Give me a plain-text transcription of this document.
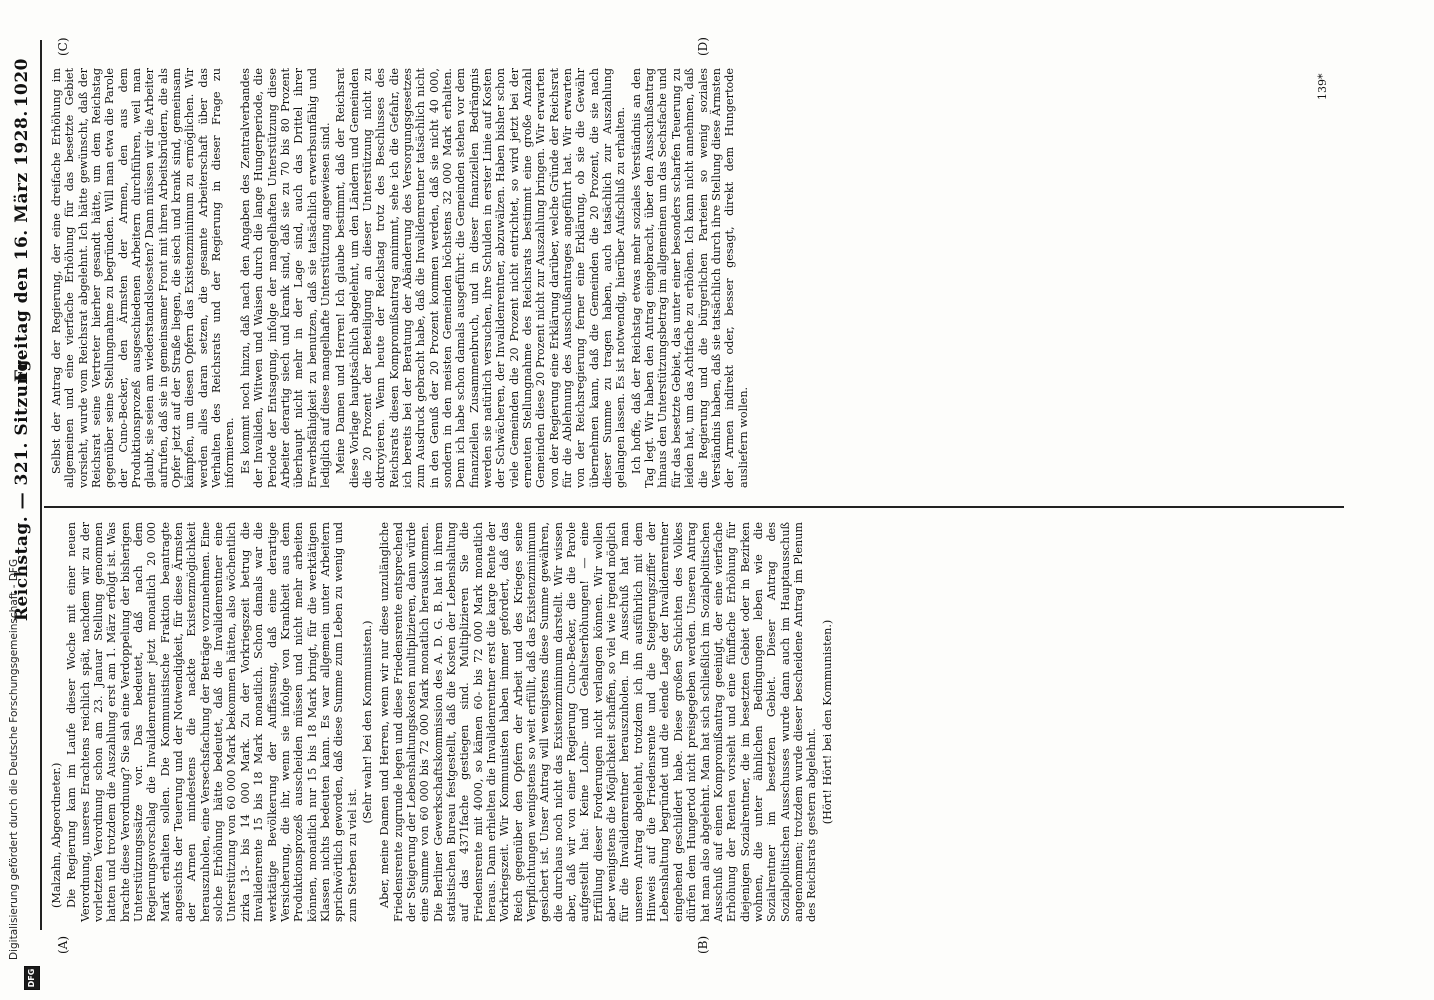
Reichstag. — 321. Sitzung.
Freitag den 16. März 1928.
1020
(A)	(B)
(C)	(D)

(Malzahn, Abgeordneter.) Die Regierung kam im Laufe dieser Woche mit einer neuen Verordnung, unseres Erachtens reichlich spät, nachdem wir zu der vorletzten Verordnung schon am 23. Januar Stellung genommen hatten und trotzdem die Auszahlung erst am 1. März erfolgt ist. Was brachte diese Verordnung? Sie sah eine Verdoppelung der bisherigen Unterstützungssätze vor. Das bedeutet, daß nach dem Regierungsvorschlag die Invalidenrentner jetzt monatlich 20 000 Mark erhalten sollen. Die Kommunistische Fraktion beantragte angesichts der Teuerung und der Notwendigkeit, für diese Ärmsten der Armen mindestens die nackte Existenzmöglichkeit herauszuholen, eine Versechsfachung der Beträge vorzunehmen. Eine solche Erhöhung hätte bedeutet, daß die Invalidenrentner eine Unterstützung von 60 000 Mark bekommen hätten, also wöchentlich zirka 13- bis 14 000 Mark. Zu der Vorkriegszeit betrug die Invalidenrente 15 bis 18 Mark monatlich. Schon damals war die werktätige Bevölkerung der Auffassung, daß eine derartige Versicherung, die ihr, wenn sie infolge von Krankheit aus dem Produktionsprozeß ausscheiden müssen und nicht mehr arbeiten können, monatlich nur 15 bis 18 Mark bringt, für die werktätigen Klassen nichts bedeuten kann. Es war allgemein unter Arbeitern sprichwörtlich geworden, daß diese Summe zum Leben zu wenig und zum Sterben zu viel ist.

(Sehr wahr! bei den Kommunisten.) Aber, meine Damen und Herren, wenn wir nur diese unzulängliche Friedensrente zugrunde legen und diese Friedensrente entsprechend der Steigerung der Lebenshaltungskosten multiplizieren, dann würde eine Summe von 60 000 bis 72 000 Mark monatlich herauskommen. Die Berliner Gewerkschaftskommission des A. D. G. B. hat in ihrem statistischen Bureau festgestellt, daß die Kosten der Lebenshaltung auf das 4371fache gestiegen sind. Multiplizieren Sie die Friedensrente mit 4000, so kämen 60- bis 72 000 Mark monatlich heraus. Dann erhielten die Invalidenrentner erst die karge Rente der Vorkriegszeit. Wir Kommunisten haben immer gefordert, daß das Reich gegenüber den Opfern der Arbeit und des Krieges seine Verpflichtungen wenigstens so weit erfüllt, daß das Existenzminimum gesichert ist. Unser Antrag will wenigstens diese Summe gewähren, die durchaus noch nicht das Existenzminimum darstellt. Wir wissen aber, daß wir von einer Regierung Cuno-Becker, die die Parole aufgestellt hat: Keine Lohn- und Gehaltserhöhungen! — eine Erfüllung dieser Forderungen nicht verlangen können. Wir wollen aber wenigstens die Möglichkeit schaffen, so viel wie irgend möglich für die Invalidenrentner herauszuholen. Im Ausschuß hat man unseren Antrag abgelehnt, trotzdem ich ihn ausführlich mit dem Hinweis auf die Friedensrente und die Steigerungsziffer der Lebenshaltung begründet und die elende Lage der Invalidenrentner eingehend geschildert habe. Diese großen Schichten des Volkes dürfen dem Hungertod nicht preisgegeben werden. Unseren Antrag hat man also abgelehnt. Man hat sich schließlich im Sozialpolitischen Ausschuß auf einen Kompromißantrag geeinigt, der eine vierfache Erhöhung der Renten vorsieht und eine fünffache Erhöhung für diejenigen Sozialrentner, die im besetzten Gebiet oder in Bezirken wohnen, die unter ähnlichen Bedingungen leben wie die Sozialrentner im besetzten Gebiet. Dieser Antrag des Sozialpolitischen Ausschusses wurde dann auch im Hauptausschuß angenommen; trotzdem wurde dieser bescheidene Antrag im Plenum des Reichsrats gestern abgelehnt.

(Hört! Hört! bei den Kommunisten.)

Selbst der Antrag der Regierung, der eine dreifache Erhöhung im allgemeinen und eine vierfache Erhöhung für das besetzte Gebiet vorsieht, wurde vom Reichsrat abgelehnt. Ich hätte gewünscht, daß der Reichsrat seine Vertreter hierher gesandt hätte, um dem Reichstag gegenüber seine Stellungnahme zu begründen. Will man etwa die Parole der Cuno-Becker, den Ärmsten der Armen, den aus dem Produktionsprozeß ausgeschiedenen Arbeitern durchführen, weil man glaubt, sie seien am wiederstandslosesten? Dann müssen wir die Arbeiter aufrufen, daß sie in gemeinsamer Front mit ihren Arbeitsbrüdern, die als Opfer jetzt auf der Straße liegen, die siech und krank sind, gemeinsam kämpfen, um diesen Opfern das Existenzminimum zu ermöglichen. Wir werden alles daran setzen, die gesamte Arbeiterschaft über das Verhalten des Reichsrats und der Regierung in dieser Frage zu informieren. Es kommt noch hinzu, daß nach den Angaben des Zentralverbandes der Invaliden, Witwen und Waisen durch die lange Hungerperiode, die Periode der Entsagung, infolge der mangelhaften Unterstützung diese Arbeiter derartig siech und krank sind, daß sie zu 70 bis 80 Prozent überhaupt nicht mehr in der Lage sind, auch das Drittel ihrer Erwerbsfähigkeit zu benutzen, daß sie tatsächlich erwerbsunfähig und lediglich auf diese mangelhafte Unterstützung angewiesen sind. Meine Damen und Herren! Ich glaube bestimmt, daß der Reichsrat diese Vorlage hauptsächlich abgelehnt, um den Ländern und Gemeinden die 20 Prozent der Beteiligung an dieser Unterstützung nicht zu oktroyieren. Wenn heute der Reichstag trotz des Beschlusses des Reichsrats diesen Kompromißantrag annimmt, sehe ich die Gefahr, die ich bereits bei der Beratung der Abänderung des Versorgungsgesetzes zum Ausdruck gebracht habe, daß die Invalidenrentner tatsächlich nicht in den Genuß der 20 Prozent kommen werden, daß sie nicht 40 000, sondern in den meisten Gemeinden höchstens 32 000 Mark erhalten. Denn ich habe schon damals ausgeführt: die Gemeinden stehen vor dem finanziellen Zusammenbruch, und in dieser finanziellen Bedrängnis werden sie natürlich versuchen, ihre Schulden in erster Linie auf Kosten der Schwächeren, der Invalidenrentner, abzuwälzen. Haben bisher schon viele Gemeinden die 20 Prozent nicht entrichtet, so wird jetzt bei der erneuten Stellungnahme des Reichsrats bestimmt eine große Anzahl Gemeinden diese 20 Prozent nicht zur Auszahlung bringen. Wir erwarten von der Regierung eine Erklärung darüber, welche Gründe der Reichsrat für die Ablehnung des Ausschußantrages angeführt hat. Wir erwarten von der Reichsregierung ferner eine Erklärung, ob sie die Gewähr übernehmen kann, daß die Gemeinden die 20 Prozent, die sie nach dieser Summe zu tragen haben, auch tatsächlich zur Auszahlung gelangen lassen. Es ist notwendig, hierüber Aufschluß zu erhalten. Ich hoffe, daß der Reichstag etwas mehr soziales Verständnis an den Tag legt. Wir haben den Antrag eingebracht, über den Ausschußantrag hinaus den Unterstützungsbetrag im allgemeinen um das Sechsfache und für das besetzte Gebiet, das unter einer besonders scharfen Teuerung zu leiden hat, um das Achtfache zu erhöhen. Ich kann nicht annehmen, daß die Regierung und die bürgerlichen Parteien so wenig soziales Verständnis haben, daß sie tatsächlich durch ihre Stellung diese Ärmsten der Armen indirekt oder, besser gesagt, direkt dem Hungertode ausliefern wollen.

139*
DFG
Digitalisierung gefördert durch die Deutsche Forschungsgemeinschaft - DFG
